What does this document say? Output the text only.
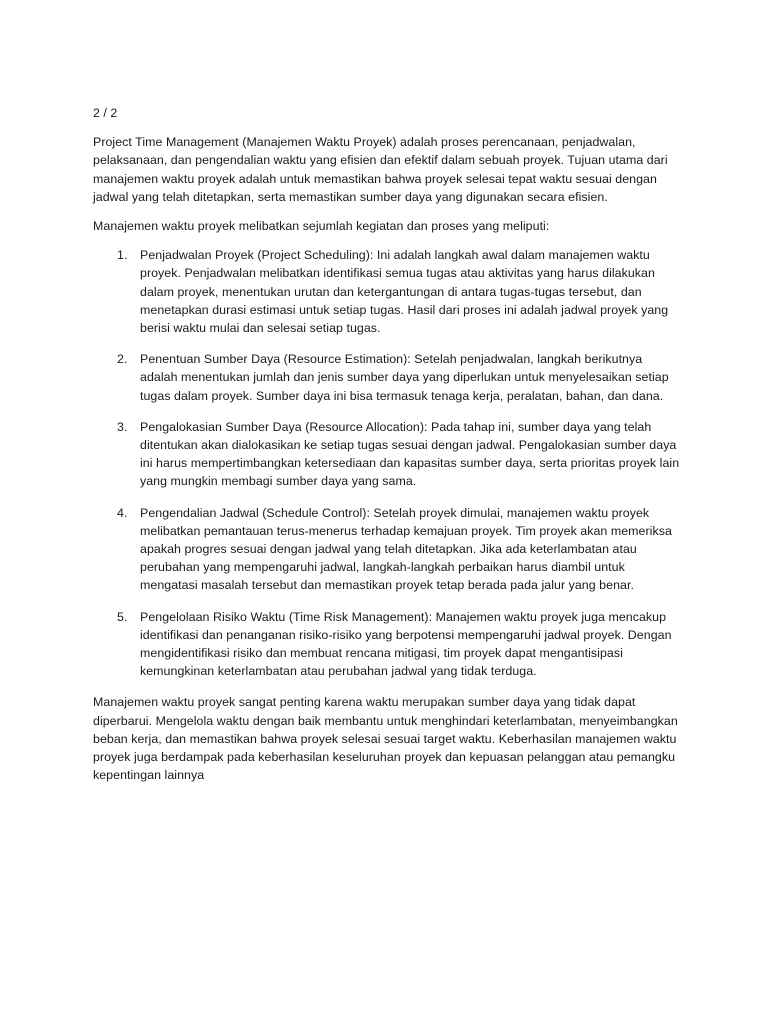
2 / 2

Project Time Management (Manajemen Waktu Proyek) adalah proses perencanaan, penjadwalan, pelaksanaan, dan pengendalian waktu yang efisien dan efektif dalam sebuah proyek. Tujuan utama dari manajemen waktu proyek adalah untuk memastikan bahwa proyek selesai tepat waktu sesuai dengan jadwal yang telah ditetapkan, serta memastikan sumber daya yang digunakan secara efisien.

Manajemen waktu proyek melibatkan sejumlah kegiatan dan proses yang meliputi:

1.	Penjadwalan Proyek (Project Scheduling): Ini adalah langkah awal dalam manajemen waktu proyek. Penjadwalan melibatkan identifikasi semua tugas atau aktivitas yang harus dilakukan dalam proyek, menentukan urutan dan ketergantungan di antara tugas-tugas tersebut, dan menetapkan durasi estimasi untuk setiap tugas. Hasil dari proses ini adalah jadwal proyek yang berisi waktu mulai dan selesai setiap tugas.

2.	Penentuan Sumber Daya (Resource Estimation): Setelah penjadwalan, langkah berikutnya adalah menentukan jumlah dan jenis sumber daya yang diperlukan untuk menyelesaikan setiap tugas dalam proyek. Sumber daya ini bisa termasuk tenaga kerja, peralatan, bahan, dan dana.

3.	Pengalokasian Sumber Daya (Resource Allocation): Pada tahap ini, sumber daya yang telah ditentukan akan dialokasikan ke setiap tugas sesuai dengan jadwal. Pengalokasian sumber daya ini harus mempertimbangkan ketersediaan dan kapasitas sumber daya, serta prioritas proyek lain yang mungkin membagi sumber daya yang sama.

4.	Pengendalian Jadwal (Schedule Control): Setelah proyek dimulai, manajemen waktu proyek melibatkan pemantauan terus-menerus terhadap kemajuan proyek. Tim proyek akan memeriksa apakah progres sesuai dengan jadwal yang telah ditetapkan. Jika ada keterlambatan atau perubahan yang mempengaruhi jadwal, langkah-langkah perbaikan harus diambil untuk mengatasi masalah tersebut dan memastikan proyek tetap berada pada jalur yang benar.

5.	Pengelolaan Risiko Waktu (Time Risk Management): Manajemen waktu proyek juga mencakup identifikasi dan penanganan risiko-risiko yang berpotensi mempengaruhi jadwal proyek. Dengan mengidentifikasi risiko dan membuat rencana mitigasi, tim proyek dapat mengantisipasi kemungkinan keterlambatan atau perubahan jadwal yang tidak terduga.

Manajemen waktu proyek sangat penting karena waktu merupakan sumber daya yang tidak dapat diperbarui. Mengelola waktu dengan baik membantu untuk menghindari keterlambatan, menyeimbangkan beban kerja, dan memastikan bahwa proyek selesai sesuai target waktu. Keberhasilan manajemen waktu proyek juga berdampak pada keberhasilan keseluruhan proyek dan kepuasan pelanggan atau pemangku kepentingan lainnya
